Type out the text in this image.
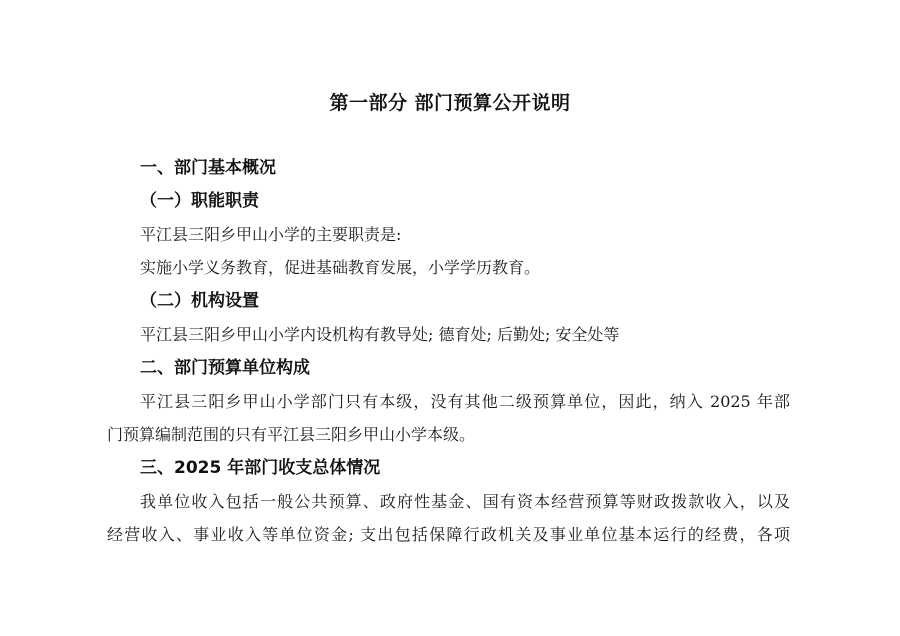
第一部分 部门预算公开说明
一、部门基本概况
（一）职能职责
平江县三阳乡甲山小学的主要职责是:
实施小学义务教育，促进基础教育发展，小学学历教育。
（二）机构设置
平江县三阳乡甲山小学内设机构有教导处; 德育处; 后勤处; 安全处等
二、部门预算单位构成
平江县三阳乡甲山小学部门只有本级，没有其他二级预算单位，因此，纳入 2025 年部
门预算编制范围的只有平江县三阳乡甲山小学本级。
三、2025 年部门收支总体情况
我单位收入包括一般公共预算、政府性基金、国有资本经营预算等财政拨款收入，以及
经营收入、事业收入等单位资金; 支出包括保障行政机关及事业单位基本运行的经费，各项
